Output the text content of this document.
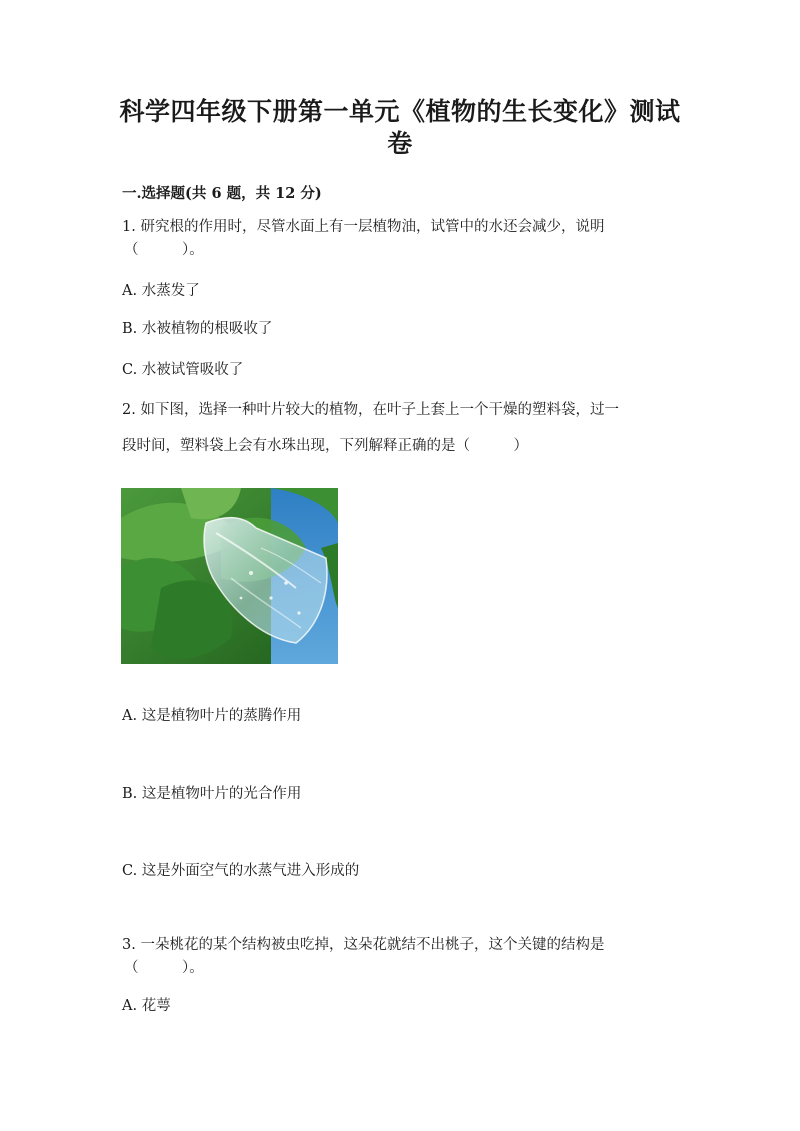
科学四年级下册第一单元《植物的生长变化》测试
卷
一.选择题(共 6 题，共 12 分)
1. 研究根的作用时，尽管水面上有一层植物油，试管中的水还会减少，说明
（　　　）。
A. 水蒸发了
B. 水被植物的根吸收了
C. 水被试管吸收了
2. 如下图，选择一种叶片较大的植物，在叶子上套上一个干燥的塑料袋，过一
段时间，塑料袋上会有水珠出现，下列解释正确的是（　　　）
A. 这是植物叶片的蒸腾作用
B. 这是植物叶片的光合作用
C. 这是外面空气的水蒸气进入形成的
3. 一朵桃花的某个结构被虫吃掉，这朵花就结不出桃子，这个关键的结构是
（　　　）。
A. 花萼
